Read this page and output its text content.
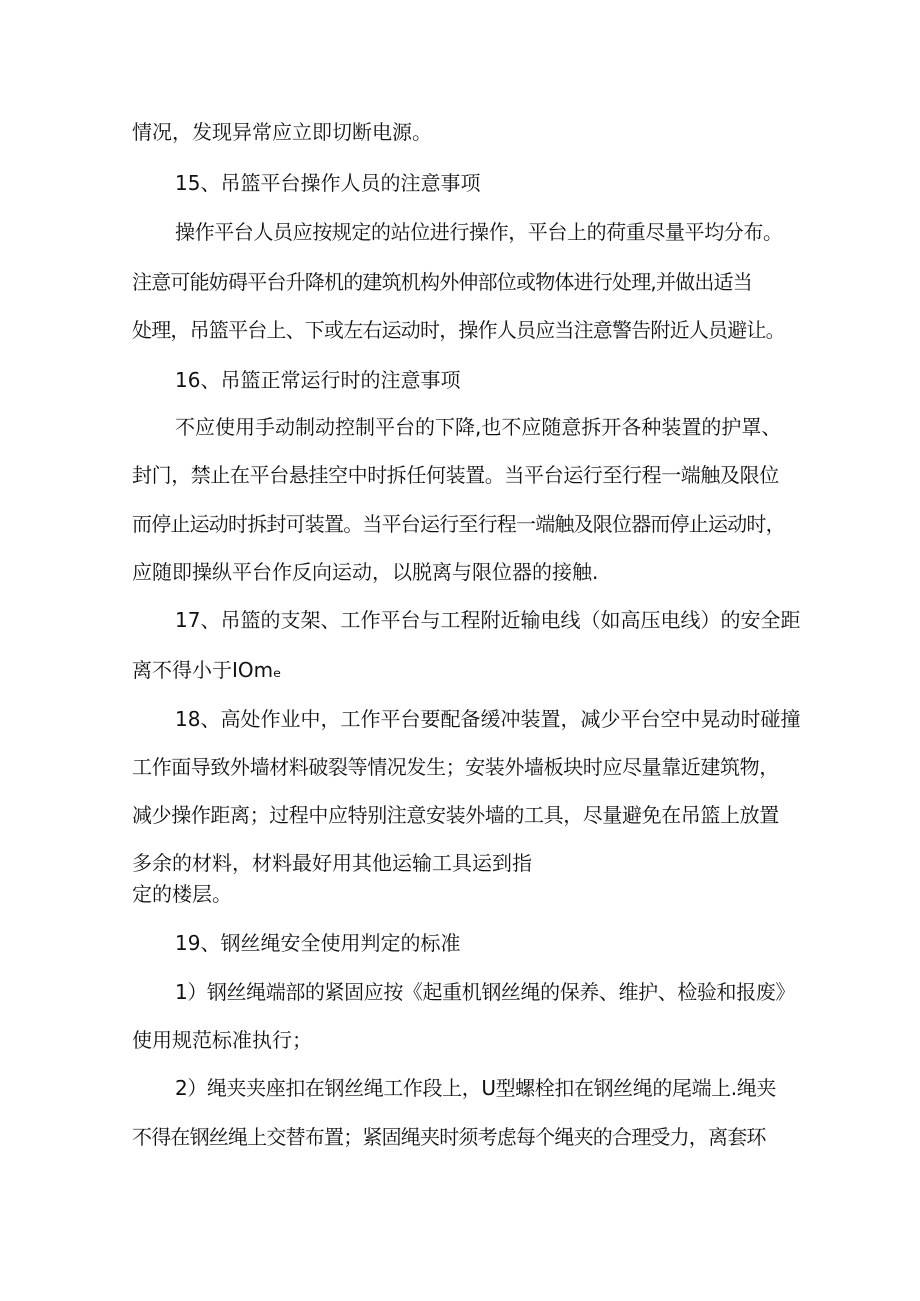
情况，发现异常应立即切断电源。
15、吊篮平台操作人员的注意事项
操作平台人员应按规定的站位进行操作，平台上的荷重尽量平均分布。
注意可能妨碍平台升降机的建筑机构外伸部位或物体进行处理,并做出适当
处理，吊篮平台上、下或左右运动时，操作人员应当注意警告附近人员避让。
16、吊篮正常运行时的注意事项
不应使用手动制动控制平台的下降,也不应随意拆开各种装置的护罩、
封门，禁止在平台悬挂空中时拆任何装置。当平台运行至行程一端触及限位
而停止运动时拆封可装置。当平台运行至行程一端触及限位器而停止运动时，
应随即操纵平台作反向运动，以脱离与限位器的接触.
17、吊篮的支架、工作平台与工程附近输电线（如高压电线）的安全距
离不得小于IOmₑ
18、高处作业中，工作平台要配备缓冲装置，减少平台空中晃动时碰撞
工作面导致外墙材料破裂等情况发生；安装外墙板块时应尽量靠近建筑物，
减少操作距离；过程中应特别注意安装外墙的工具，尽量避免在吊篮上放置
多余的材料，材料最好用其他运输工具运到指
定的楼层。
19、钢丝绳安全使用判定的标准
1）钢丝绳端部的紧固应按《起重机钢丝绳的保养、维护、检验和报废》
使用规范标准执行；
2）绳夹夹座扣在钢丝绳工作段上，U型螺栓扣在钢丝绳的尾端上.绳夹
不得在钢丝绳上交替布置；紧固绳夹时须考虑每个绳夹的合理受力，离套环
